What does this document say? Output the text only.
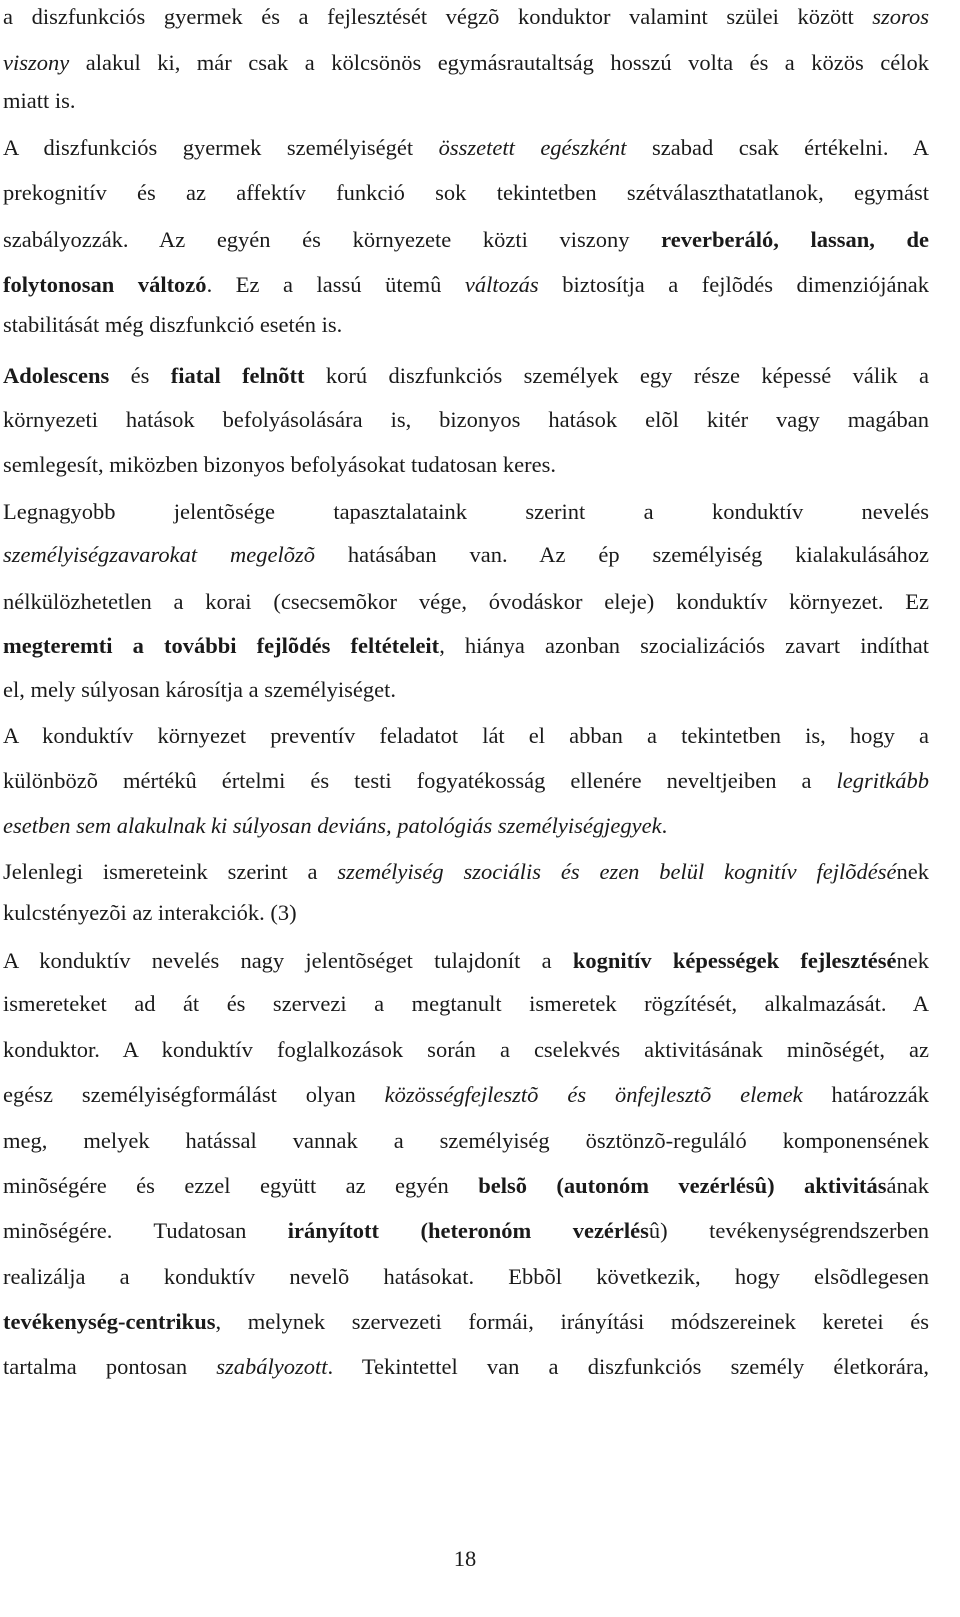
a diszfunkciós gyermek és a fejlesztését végzõ konduktor valamint szülei között szoros
viszony alakul ki, már csak a kölcsönös egymásrautaltság hosszú volta és a közös célok
miatt is.
A diszfunkciós gyermek személyiségét összetett egészként szabad csak értékelni. A
prekognitív és az affektív funkció sok tekintetben szétválaszthatatlanok, egymást
szabályozzák. Az egyén és környezete közti viszony reverberáló, lassan, de
folytonosan változó. Ez a lassú ütemû változás biztosítja a fejlõdés dimenziójának
stabilitását még diszfunkció esetén is.
Adolescens és fiatal felnõtt korú diszfunkciós személyek egy része képessé válik a
környezeti hatások befolyásolására is, bizonyos hatások elõl kitér vagy magában
semlegesít, miközben bizonyos befolyásokat tudatosan keres.
Legnagyobb jelentõsége tapasztalataink szerint a konduktív nevelés
személyiségzavarokat megelõzõ hatásában van. Az ép személyiség kialakulásához
nélkülözhetetlen a korai (csecsemõkor vége, óvodáskor eleje) konduktív környezet. Ez
megteremti a további fejlõdés feltételeit, hiánya azonban szocializációs zavart indíthat
el, mely súlyosan károsítja a személyiséget.
A konduktív környezet preventív feladatot lát el abban a tekintetben is, hogy a
különbözõ mértékû értelmi és testi fogyatékosság ellenére neveltjeiben a legritkább
esetben sem alakulnak ki súlyosan deviáns, patológiás személyiségjegyek.
Jelenlegi ismereteink szerint a személyiség szociális és ezen belül kognitív fejlõdésének
kulcstényezõi az interakciók. (3)
A konduktív nevelés nagy jelentõséget tulajdonít a kognitív képességek fejlesztésének
ismereteket ad át és szervezi a megtanult ismeretek rögzítését, alkalmazását. A
konduktor. A konduktív foglalkozások során a cselekvés aktivitásának minõségét, az
egész személyiségformálást olyan közösségfejlesztõ és önfejlesztõ elemek határozzák
meg, melyek hatással vannak a személyiség ösztönzõ-reguláló komponensének
minõségére és ezzel együtt az egyén belsõ (autonóm vezérlésû) aktivitásának
minõségére. Tudatosan irányított (heteronóm vezérlésû) tevékenységrendszerben
realizálja a konduktív nevelõ hatásokat. Ebbõl következik, hogy elsõdlegesen
tevékenység-centrikus, melynek szervezeti formái, irányítási módszereinek keretei és
tartalma pontosan szabályozott. Tekintettel van a diszfunkciós személy életkorára,
18
